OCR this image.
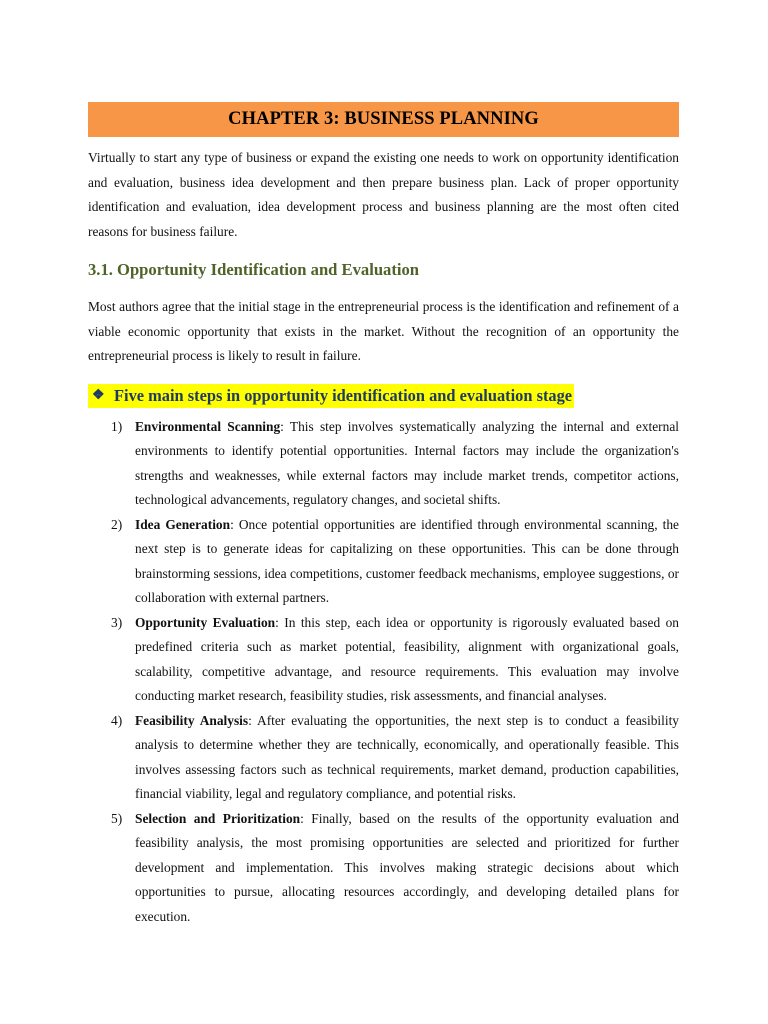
CHAPTER 3: BUSINESS PLANNING

Virtually to start any type of business or expand the existing one needs to work on opportunity identification and evaluation, business idea development and then prepare business plan. Lack of proper opportunity identification and evaluation, idea development process and business planning are the most often cited reasons for business failure.

3.1. Opportunity Identification and Evaluation

Most authors agree that the initial stage in the entrepreneurial process is the identification and refinement of a viable economic opportunity that exists in the market. Without the recognition of an opportunity the entrepreneurial process is likely to result in failure.

❖ Five main steps in opportunity identification and evaluation stage
1) Environmental Scanning: This step involves systematically analyzing the internal and external environments to identify potential opportunities. Internal factors may include the organization's strengths and weaknesses, while external factors may include market trends, competitor actions, technological advancements, regulatory changes, and societal shifts.
2) Idea Generation: Once potential opportunities are identified through environmental scanning, the next step is to generate ideas for capitalizing on these opportunities. This can be done through brainstorming sessions, idea competitions, customer feedback mechanisms, employee suggestions, or collaboration with external partners.
3) Opportunity Evaluation: In this step, each idea or opportunity is rigorously evaluated based on predefined criteria such as market potential, feasibility, alignment with organizational goals, scalability, competitive advantage, and resource requirements. This evaluation may involve conducting market research, feasibility studies, risk assessments, and financial analyses.
4) Feasibility Analysis: After evaluating the opportunities, the next step is to conduct a feasibility analysis to determine whether they are technically, economically, and operationally feasible. This involves assessing factors such as technical requirements, market demand, production capabilities, financial viability, legal and regulatory compliance, and potential risks.
5) Selection and Prioritization: Finally, based on the results of the opportunity evaluation and feasibility analysis, the most promising opportunities are selected and prioritized for further development and implementation. This involves making strategic decisions about which opportunities to pursue, allocating resources accordingly, and developing detailed plans for execution.
